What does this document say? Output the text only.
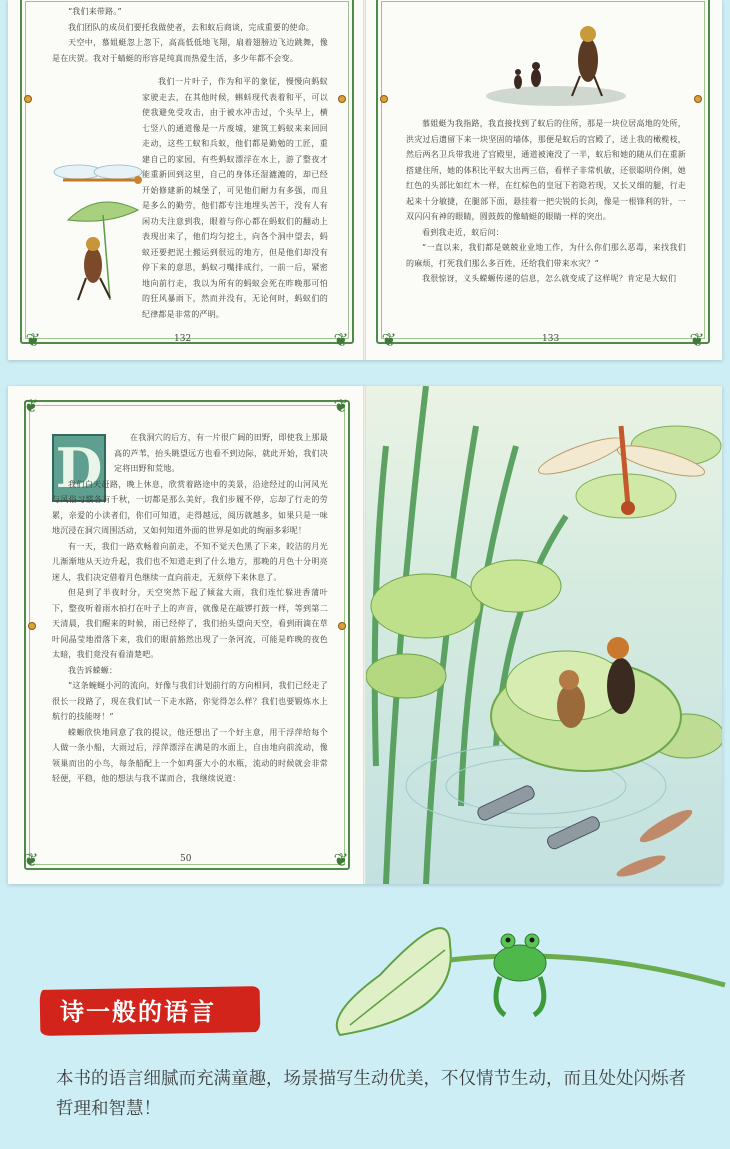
❦	❦

“我们来带路。”

我们团队的成员们要托我做使者，去和蚁后商谈，完成重要的使命。

天空中，慕姐蜓忽上忽下，高高低低地飞翔，扇着翅膀边飞边跳舞，像是在庆贺。我对于蜻蜓的形容是纯真而热爱生活，多少年都不会变。

我们一片叶子，作为和平的象征，慢慢向蚂蚁家驶走去，在其他时候，蝌蚪现代表着和平，可以使我避免受攻击，由于被水冲击过，个头早上，横七竖八的通道像是一片废墟，建筑工蚂蚁来来回回走动，这些工蚁和兵蚁，他们都是勤勉的工匠，重建自己的家园，有些蚂蚁漂浮在水上，游了整夜才能重新回到这里，自己的身体还湿漉漉的，却已经开始修建新的城堡了，可见他们耐力有多强，而且是多么的勤劳，他们都专注地埋头苦干，没有人有闲功夫注意到我，眼着与你心都在蚂蚁们的翻动上表现出来了，他们均匀挖土，向各个洞中望去，蚂蚁还要把泥土搬运到很远的地方，但是他们却没有停下来的意思，蚂蚁刁嘴排成行，一前一后，紧密地向前行走，我以为所有的蚂蚁会死在昨晚那可怕的狂风暴雨下，然而并没有，无论何时，蚂蚁们的纪律都是非常的严明。

132	❦	❦

慕姐蜓为我指路，我直接找到了蚁后的住所，那是一块位居高地的处所，洪灾过后遗留下来一块坚固的墙体，那便是蚁后的宫殿了，送上我的橄榄枝，然后两名卫兵带我进了宫殿里，通道被淹没了一半，蚁后和她的随从们在重新搭建住所，她的体积比平蚁大出两三倍，看样子非常机敏，还很聪明伶俐，她红色的头部比如红木一样，在红棕色的皇冠下若隐若现，又长又细的腿，行走起来十分敏捷，在腿部下面，悬挂着一把尖锐的长剑，像是一根锋利的针，一双闪闪有神的眼睛，圆鼓鼓的像蜻蜓的眼睛一样的突出。

看到我走近，蚁后问：

“一直以来，我们都是兢兢业业地工作，为什么你们那么恶毒，来找我们的麻烦，打死我们那么多百姓，还给我们带来水灾？”

我很惊讶，义头蝾螈传递的信息，怎么就变成了这样呢？肯定是大蚁们

133
❦	❦
❦	❦
D	在我洞穴的后方，有一片很广阔的田野，即使我上那最高的芦苇，抬头眺望远方也看不到边际，就此开始，我们决定将田野和荒地。

我们白天赶路，晚上休息，欣赏着路途中的美景，沿途经过的山河风光与风俗习惯各有千秋，一切都是那么美好，我们步履不停，忘却了行走的劳累，亲爱的小读者们，你们可知道，走得越远，阅历就越多，如果只是一味地沉浸在洞穴周围活动，又如何知道外面的世界是如此的绚丽多彩呢！

有一天，我们一路欢畅着向前走，不知不觉天色黑了下来，皎洁的月光儿渐渐地从天边升起，我们也不知道走到了什么地方，那晚的月色十分明亮迷人，我们决定借着月色继续一直向前走，无须停下来休息了。

但是到了半夜时分，天空突然下起了倾盆大雨，我们连忙躲进香蒲叶下，整夜听着雨水拍打在叶子上的声音，就像是在敲锣打鼓一样，等到第二天清晨，我们醒来的时候，雨已经停了，我们抬头望向天空，看到雨滴在草叶间晶莹地滑落下来，我们的眼前豁然出现了一条河流，可能是昨晚的夜色太暗，我们竟没有看清楚吧。

我告诉蝾螈：

“这条蜿蜒小河的流向，好像与我们计划前行的方向相同，我们已经走了很长一段路了，现在我们试一下走水路，你觉得怎么样？我们也要锻炼水上航行的技能呀！”

蝾螈欣快地同意了我的提议，他还想出了一个好主意，用干浮萍给每个人做一条小船，大雨过后，浮萍漂浮在满是的水面上，自由地向前流动，像领巢而出的小鸟，每条船配上一个如鸡蛋大小的水瓶，流动的时候就会非常轻便，平稳，他的想法与我不谋而合，我继续说道：

50
诗一般的语言
本书的语言细腻而充满童趣，场景描写生动优美，不仅情节生动，而且处处闪烁者哲理和智慧！
